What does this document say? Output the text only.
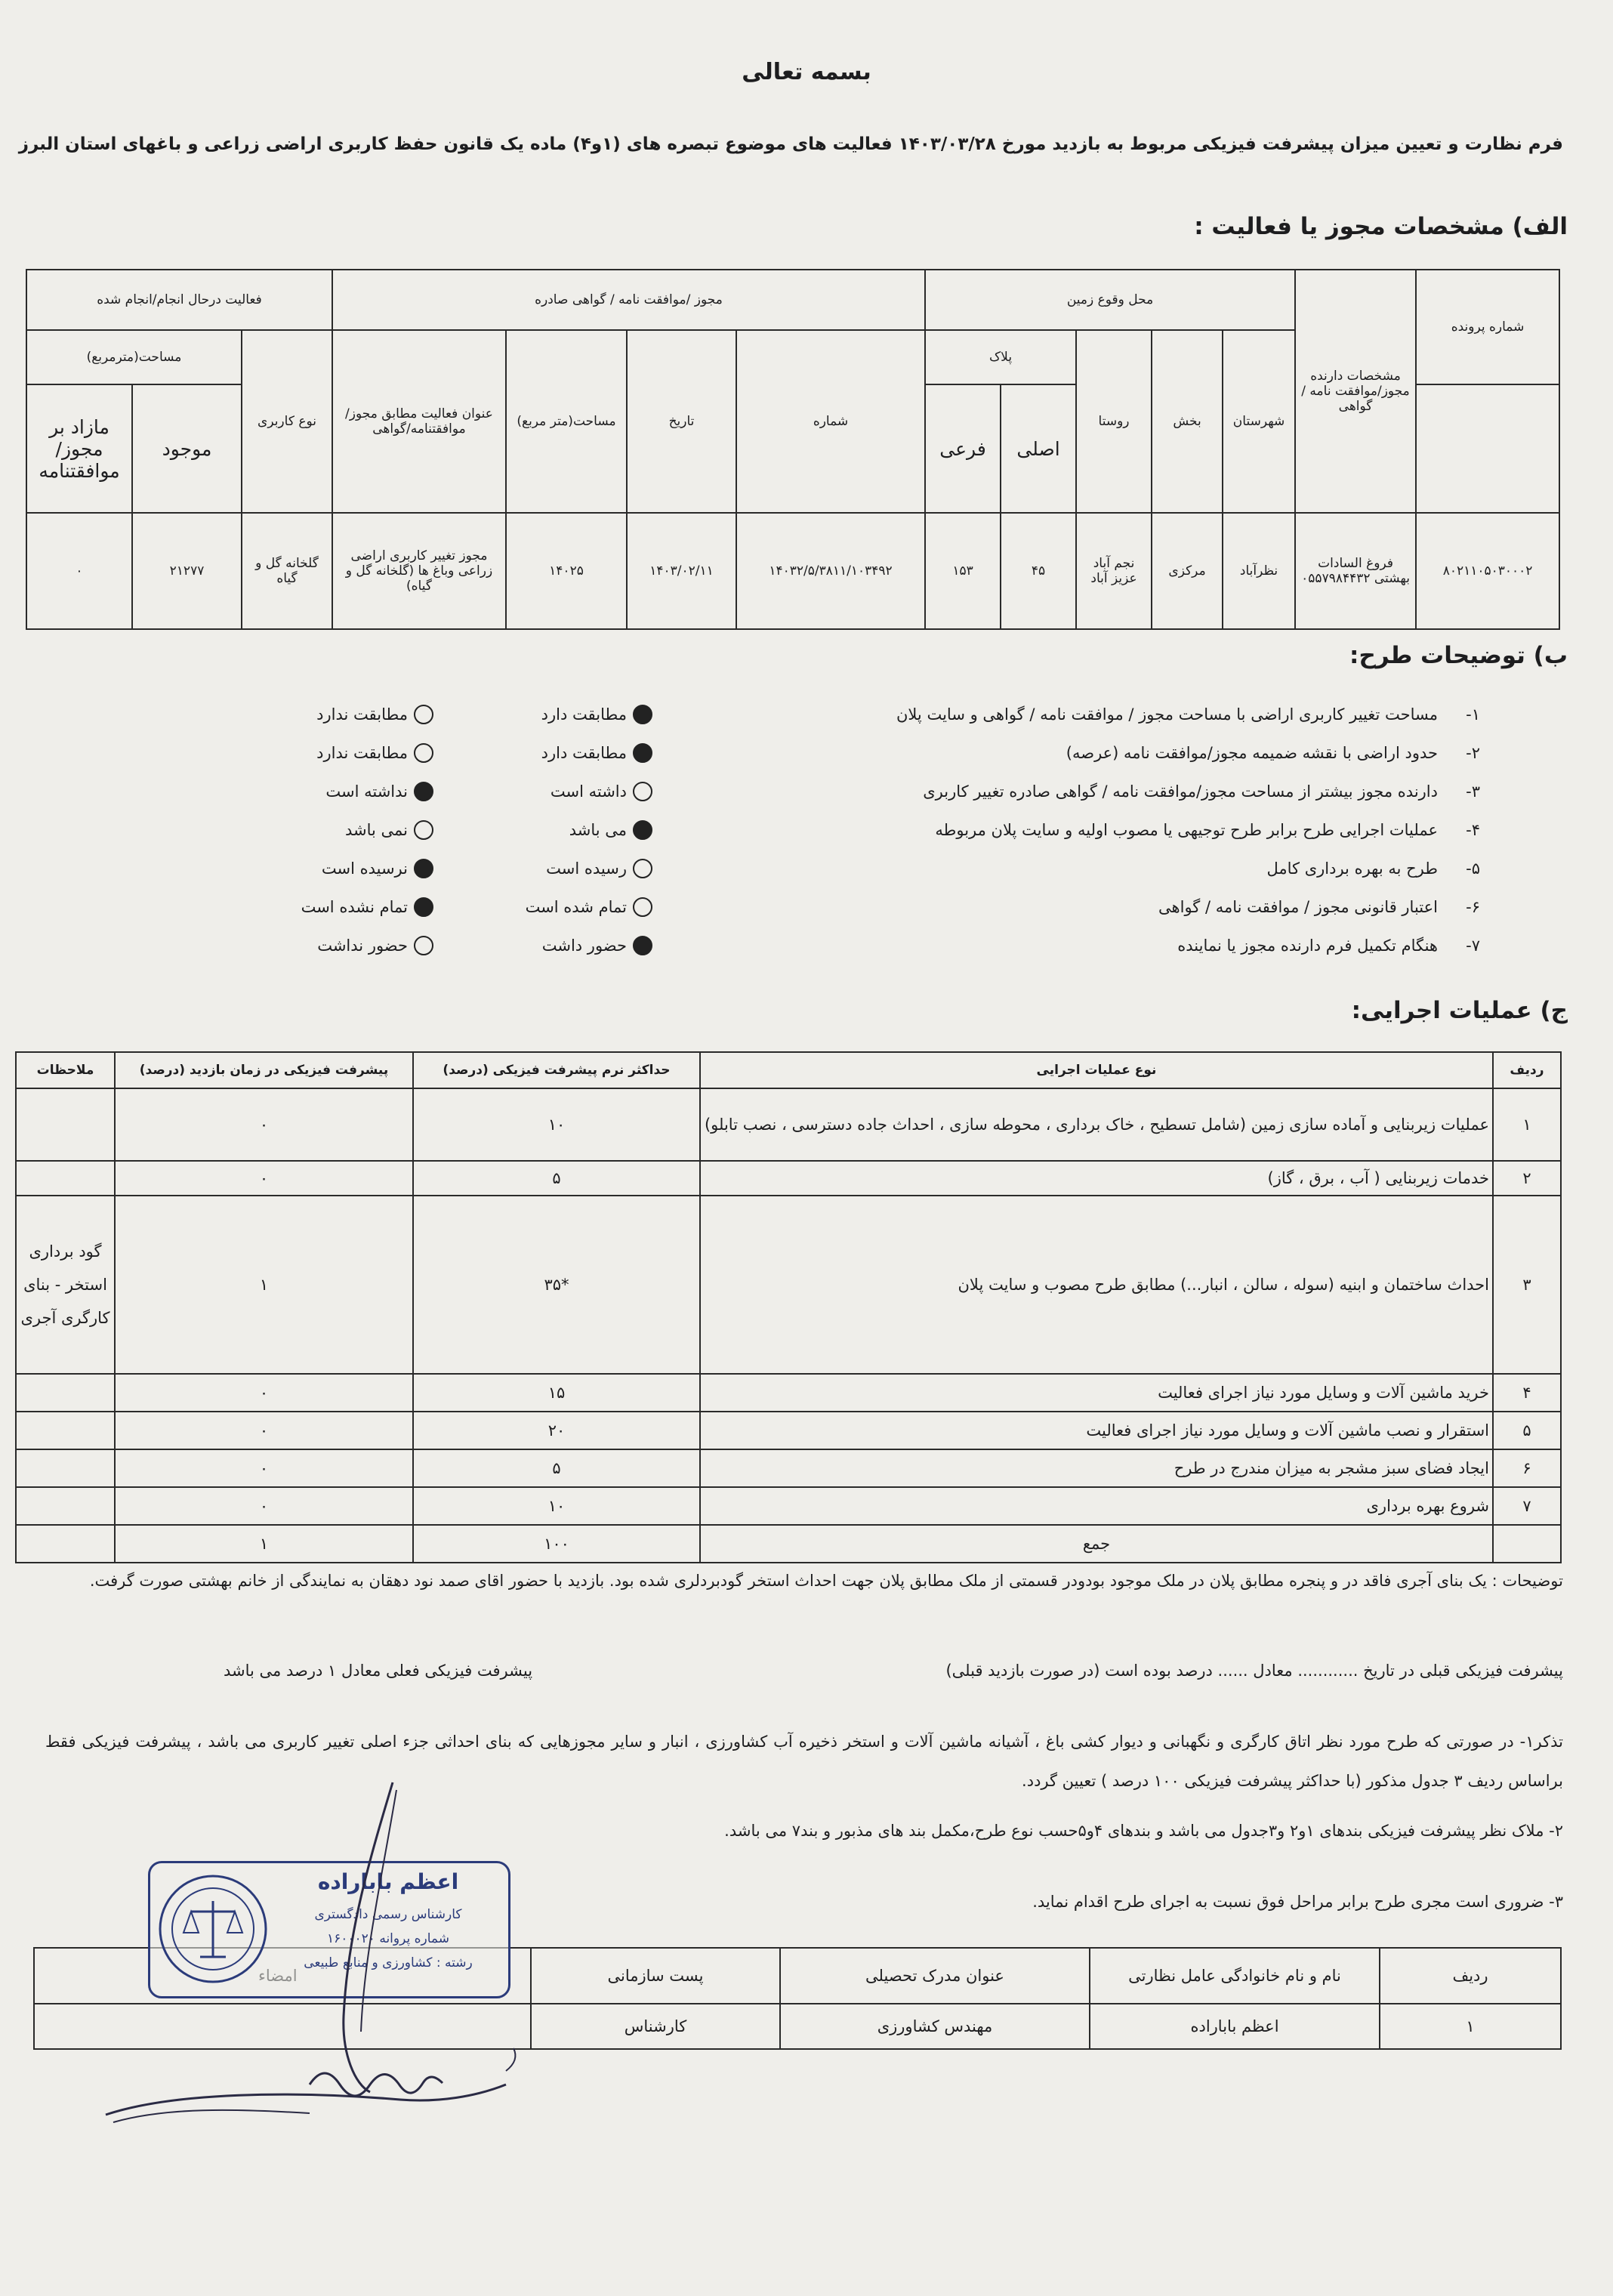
بسمه تعالی
فرم نظارت و تعیین میزان پیشرفت فیزیکی مربوط به بازدید مورخ ۱۴۰۳/۰۳/۲۸ فعالیت های موضوع تبصره های (۱و۴) ماده یک قانون حفظ کاربری اراضی زراعی و باغهای استان البرز
الف) مشخصات مجوز یا فعالیت :
شماره پرونده	مشخصات دارنده مجوز/موافقت نامه / گواهی	محل وقوع زمین					مجوز /موافقت نامه / گواهی صادره				فعالیت درحال انجام/انجام شده		
		شهرستان	بخش	روستا	پلاک		شماره	تاریخ	مساحت(متر مربع)	عنوان فعالیت مطابق مجوز/موافقتنامه/گواهی	نوع کاربری	مساحت(مترمربع)	
					اصلی	فرعی						موجود	مازاد بر مجوز/ موافقتنامه
۸۰۲۱۱۰۵۰۳۰۰۰۲	فروغ السادات بهشتی ۰۵۵۷۹۸۴۴۳۲	نظرآباد	مرکزی	نجم آباد عزیز آباد	۴۵	۱۵۳	۱۴۰۳۲/۵/۳۸۱۱/۱۰۳۴۹۲	۱۴۰۳/۰۲/۱۱	۱۴۰۲۵	مجوز تغییر کاربری اراضی زراعی وباغ ها (گلخانه گل و گیاه)	گلخانه گل و گیاه	۲۱۲۷۷	۰
ب) توضیحات طرح:
۱-
مساحت تغییر کاربری اراضی با مساحت مجوز / موافقت نامه / گواهی و سایت پلان
مطابقت دارد
مطابقت ندارد
۲-
حدود اراضی با نقشه ضمیمه مجوز/موافقت نامه (عرصه)
مطابقت دارد
مطابقت ندارد
۳-
دارنده مجوز بیشتر از مساحت مجوز/موافقت نامه / گواهی صادره تغییر کاربری
داشته است
نداشته است
۴-
عملیات اجرایی طرح برابر طرح توجیهی یا مصوب اولیه و سایت پلان مربوطه
می باشد
نمی باشد
۵-
طرح به بهره برداری کامل
رسیده است
نرسیده است
۶-
اعتبار قانونی مجوز / موافقت نامه / گواهی
تمام شده است
تمام نشده است
۷-
هنگام تکمیل فرم دارنده مجوز یا نماینده
حضور داشت
حضور نداشت
ج) عملیات اجرایی:
ردیف	نوع عملیات اجرایی	حداکثر نرم پیشرفت فیزیکی (درصد)	پیشرفت فیزیکی در زمان بازدید (درصد)	ملاحظات
۱	عملیات زیربنایی و آماده سازی زمین (شامل تسطیح ، خاک برداری ، محوطه سازی ، احداث جاده دسترسی ، نصب تابلو)	۱۰	۰	
۲	خدمات زیربنایی ( آب ، برق ، گاز)	۵	۰	
۳	احداث ساختمان و ابنیه (سوله ، سالن ، انبار...) مطابق طرح مصوب و سایت پلان	*۳۵	۱	گود برداری استخر - بنای کارگری آجری
۴	خرید ماشین آلات و وسایل مورد نیاز اجرای فعالیت	۱۵	۰	
۵	استقرار و نصب ماشین آلات و وسایل مورد نیاز اجرای فعالیت	۲۰	۰	
۶	ایجاد فضای سبز مشجر به میزان مندرج در طرح	۵	۰	
۷	شروع بهره برداری	۱۰	۰	
	جمع	۱۰۰	۱	
توضیحات : یک بنای آجری فاقد در و پنجره مطابق پلان در ملک موجود بودودر قسمتی از ملک مطابق پلان جهت احداث استخر گودبردلری شده بود. بازدید با حضور اقای صمد نود دهقان به نمایندگی از خانم بهشتی صورت گرفت.
پیشرفت فیزیکی قبلی در تاریخ ............ معادل ...... درصد بوده است (در صورت بازدید قبلی)
پیشرفت فیزیکی فعلی معادل ۱ درصد می باشد
تذکر۱- در صورتی که طرح مورد نظر اتاق کارگری و نگهبانی و دیوار کشی باغ ، آشیانه ماشین آلات و استخر ذخیره آب کشاورزی ، انبار و سایر مجوزهایی که بنای احداثی جزء اصلی تغییر کاربری می باشد ، پیشرفت فیزیکی فقط براساس ردیف ۳ جدول مذکور (با حداکثر پیشرفت فیزیکی ۱۰۰ درصد ) تعیین گردد.
۲- ملاک نظر پیشرفت فیزیکی بندهای ۱و۲ و۳جدول می باشد و بندهای ۴و۵حسب نوع طرح،مکمل بند های مذبور و بند۷ می باشد.
۳- ضروری است مجری طرح برابر مراحل فوق نسبت به اجرای طرح اقدام نماید.
ردیف	نام و نام خانوادگی عامل نظارتی	عنوان مدرک تحصیلی	پست سازمانی	
۱	اعظم باباراده	مهندس کشاورزی	کارشناس	
اعظم باباراده
کارشناس رسمی دادگستری
شماره پروانه ۱۶۰۰۰۲۰
رشته : کشاورزی و منابع طبیعی
